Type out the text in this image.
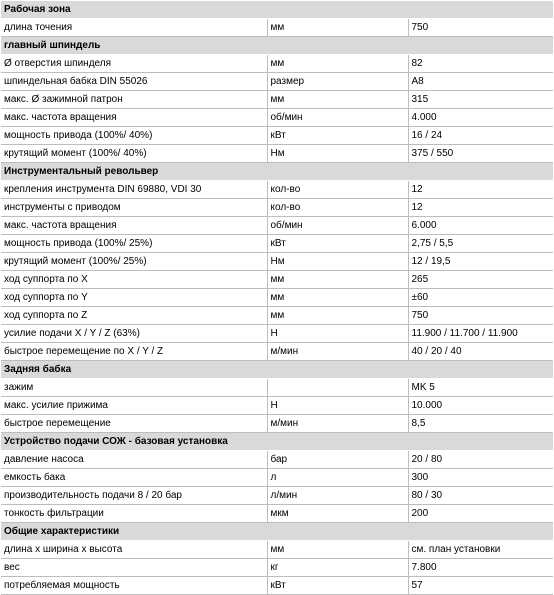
Рабочая зона		
длина точения	мм	750
главный шпиндель		
Ø отверстия шпинделя	мм	82
шпиндельная бабка DIN 55026	размер	A8
макс. Ø зажимной патрон	мм	315
макс. частота вращения	об/мин	4.000
мощность привода (100%/ 40%)	кВт	16 / 24
крутящий момент (100%/ 40%)	Нм	375 / 550
Инструментальный револьвер		
крепления инструмента DIN 69880, VDI 30	кол-во	12
инструменты с приводом	кол-во	12
макс. частота вращения	об/мин	6.000
мощность привода (100%/ 25%)	кВт	2,75 / 5,5
крутящий момент (100%/ 25%)	Нм	12 / 19,5
ход суппорта по X	мм	265
ход суппорта по Y	мм	±60
ход суппорта по Z	мм	750
усилие подачи X / Y / Z (63%)	Н	11.900 / 11.700 / 11.900
быстрое перемещение по X / Y / Z	м/мин	40 / 20 / 40
Задняя бабка		
зажим		MK 5
макс. усилие прижима	Н	10.000
быстрое перемещение	м/мин	8,5
Устройство подачи СОЖ - базовая установка		
давление насоса	бар	20 / 80
емкость бака	л	300
производительность подачи 8 / 20 бар	л/мин	80 / 30
тонкость фильтрации	мкм	200
Общие характеристики		
длина x ширина x высота	мм	см. план установки
вес	кг	7.800
потребляемая мощность	кВт	57
